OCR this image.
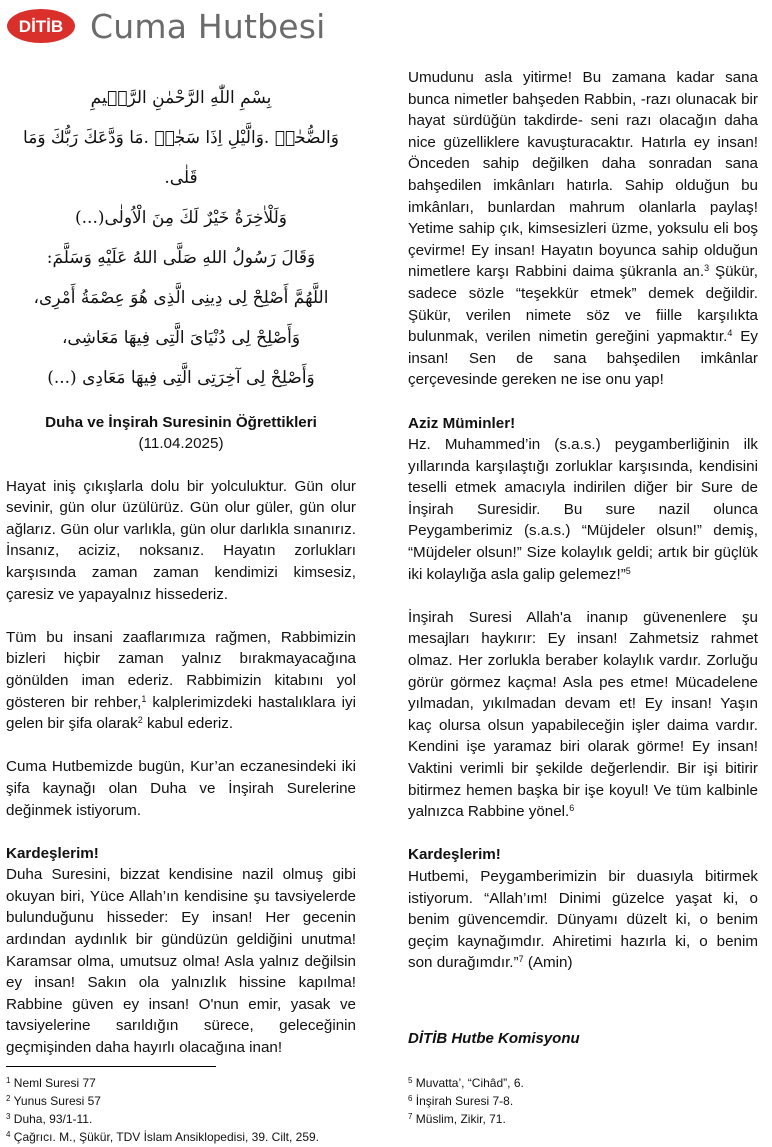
DİTİB Cuma Hutbesi
بِسْمِ اللّٰهِ الرَّحْمٰنِ الرَّح۪يمِ
وَالضُّحٰىۙ .وَالَّيْلِ اِذَا سَجٰىۙ .مَا وَدَّعَكَ رَبُّكَ وَمَا قَلٰى.
وَلَلْاٰخِرَةُ خَيْرٌ لَكَ مِنَ الْاُولٰى(...)
وَقَالَ رَسُولُ اللهِ صَلَّى اللهُ عَلَيْهِ وَسَلَّمَ:
اللَّهُمَّ أَصْلِحْ لِى دِينِى الَّذِى هُوَ عِصْمَةُ أَمْرِى،
وَأَصْلِحْ لِى دُنْيَاىَ الَّتِى فِيهَا مَعَاشِى،
وَأَصْلِحْ لِى آخِرَتِى الَّتِى فِيهَا مَعَادِى (...)
Duha ve İnşirah Suresinin Öğrettikleri
(11.04.2025)

Hayat iniş çıkışlarla dolu bir yolculuktur. Gün olur sevinir, gün olur üzülürüz. Gün olur güler, gün olur ağlarız. Gün olur varlıkla, gün olur darlıkla sınanırız. İnsanız, aciziz, noksanız. Hayatın zorlukları karşısında zaman zaman kendimizi kimsesiz, çaresiz ve yapayalnız hissederiz.

Tüm bu insani zaaflarımıza rağmen, Rabbimizin bizleri hiçbir zaman yalnız bırakmayacağına gönülden iman ederiz. Rabbimizin kitabını yol gösteren bir rehber,$^1$ kalplerimizdeki hastalıklara iyi gelen bir şifa olarak$^2$ kabul ederiz.

Cuma Hutbemizde bugün, Kur’an eczanesindeki iki şifa kaynağı olan Duha ve İnşirah Surelerine değinmek istiyorum.

Kardeşlerim!

Duha Suresini, bizzat kendisine nazil olmuş gibi okuyan biri, Yüce Allah’ın kendisine şu tavsiyelerde bulunduğunu hisseder: Ey insan! Her gecenin ardından aydınlık bir gündüzün geldiğini unutma! Karamsar olma, umutsuz olma! Asla yalnız değilsin ey insan! Sakın ola yalnızlık hissine kapılma! Rabbine güven ey insan! O'nun emir, yasak ve tavsiyelerine sarıldığın sürece, geleceğinin geçmişinden daha hayırlı olacağına inan!

Umudunu asla yitirme! Bu zamana kadar sana bunca nimetler bahşeden Rabbin, -razı olunacak bir hayat sürdüğün takdirde- seni razı olacağın daha nice güzelliklere kavuşturacaktır. Hatırla ey insan! Önceden sahip değilken daha sonradan sana bahşedilen imkânları hatırla. Sahip olduğun bu imkânları, bunlardan mahrum olanlarla paylaş! Yetime sahip çık, kimsesizleri üzme, yoksulu eli boş çevirme! Ey insan! Hayatın boyunca sahip olduğun nimetlere karşı Rabbini daima şükranla an.$^3$ Şükür, sadece sözle “teşekkür etmek” demek değildir. Şükür, verilen nimete söz ve fiille karşılıkta bulunmak, verilen nimetin gereğini yapmaktır.$^4$ Ey insan! Sen de sana bahşedilen imkânlar çerçevesinde gereken ne ise onu yap!

Aziz Müminler!

Hz. Muhammed’in (s.a.s.) peygamberliğinin ilk yıllarında karşılaştığı zorluklar karşısında, kendisini teselli etmek amacıyla indirilen diğer bir Sure de İnşirah Suresidir. Bu sure nazil olunca Peygamberimiz (s.a.s.) “Müjdeler olsun!” demiş, “Müjdeler olsun!” Size kolaylık geldi; artık bir güçlük iki kolaylığa asla galip gelemez!”$^5$

İnşirah Suresi Allah'a inanıp güvenenlere şu mesajları haykırır: Ey insan! Zahmetsiz rahmet olmaz. Her zorlukla beraber kolaylık vardır. Zorluğu görür görmez kaçma! Asla pes etme! Mücadelene yılmadan, yıkılmadan devam et! Ey insan! Yaşın kaç olursa olsun yapabileceğin işler daima vardır. Kendini işe yaramaz biri olarak görme! Ey insan! Vaktini verimli bir şekilde değerlendir. Bir işi bitirir bitirmez hemen başka bir işe koyul! Ve tüm kalbinle yalnızca Rabbine yönel.$^6$

Kardeşlerim!

Hutbemi, Peygamberimizin bir duasıyla bitirmek istiyorum. “Allah’ım! Dinimi güzelce yaşat ki, o benim güvencemdir. Dünyamı düzelt ki, o benim geçim kaynağımdır. Ahiretimi hazırla ki, o benim son durağımdır.”$^7$ (Amin)

DİTİB Hutbe Komisyonu
$^1$ Neml Suresi 77
$^2$ Yunus Suresi 57
$^3$ Duha, 93/1-11.
$^4$ Çağrıcı. M., Şükür, TDV İslam Ansiklopedisi, 39. Cilt, 259.
$^5$ Muvatta’, “Cihâd”, 6.
$^6$ İnşirah Suresi 7-8.
$^7$ Müslim, Zikir, 71.
